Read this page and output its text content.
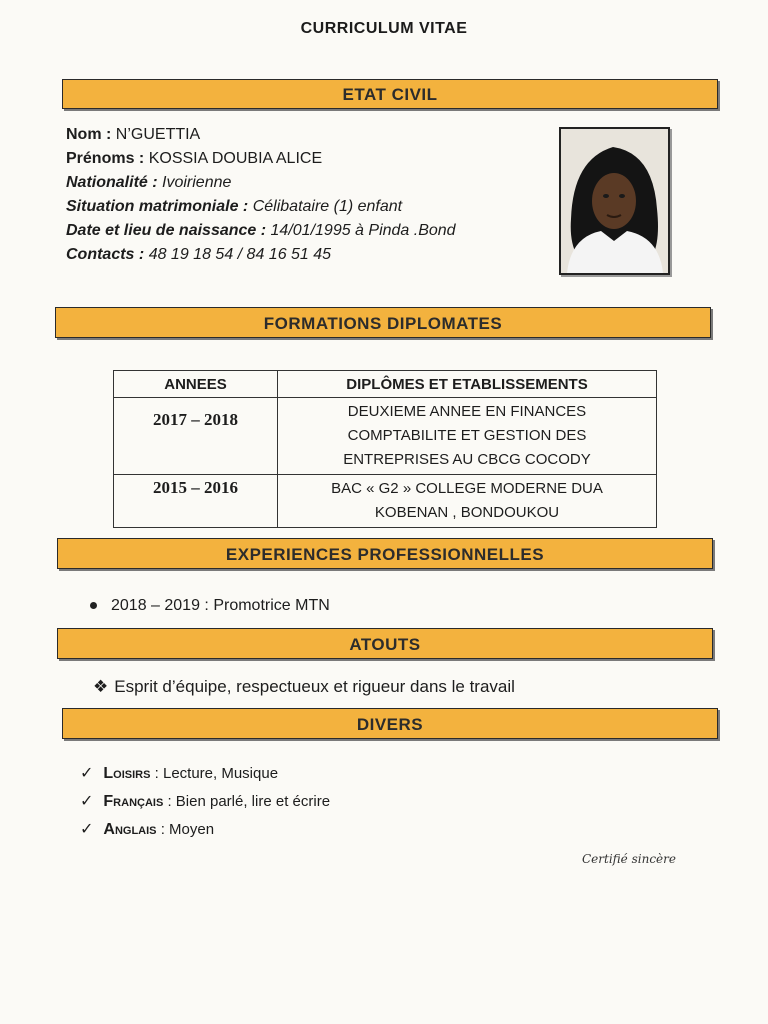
CURRICULUM VITAE
ETAT CIVIL
Nom : N’GUETTIA
Prénoms : KOSSIA DOUBIA ALICE
Nationalité : Ivoirienne
Situation matrimoniale : Célibataire (1) enfant
Date et lieu de naissance : 14/01/1995 à Pinda .Bond
Contacts : 48 19 18 54 / 84 16 51 45
FORMATIONS DIPLOMATES
ANNEES	DIPLÔMES ET ETABLISSEMENTS
2017 – 2018	DEUXIEME ANNEE EN FINANCES
COMPTABILITE ET GESTION DES
ENTREPRISES AU CBCG COCODY

2015 – 2016	BAC « G2 » COLLEGE MODERNE DUA
KOBENAN , BONDOUKOU
EXPERIENCES PROFESSIONNELLES
2018 – 2019 : Promotrice MTN
ATOUTS
❖ Esprit d’équipe, respectueux et rigueur dans le travail
DIVERS
✓ Loisirs : Lecture, Musique
✓ Français : Bien parlé, lire et écrire
✓ Anglais : Moyen
Certifié sincère
